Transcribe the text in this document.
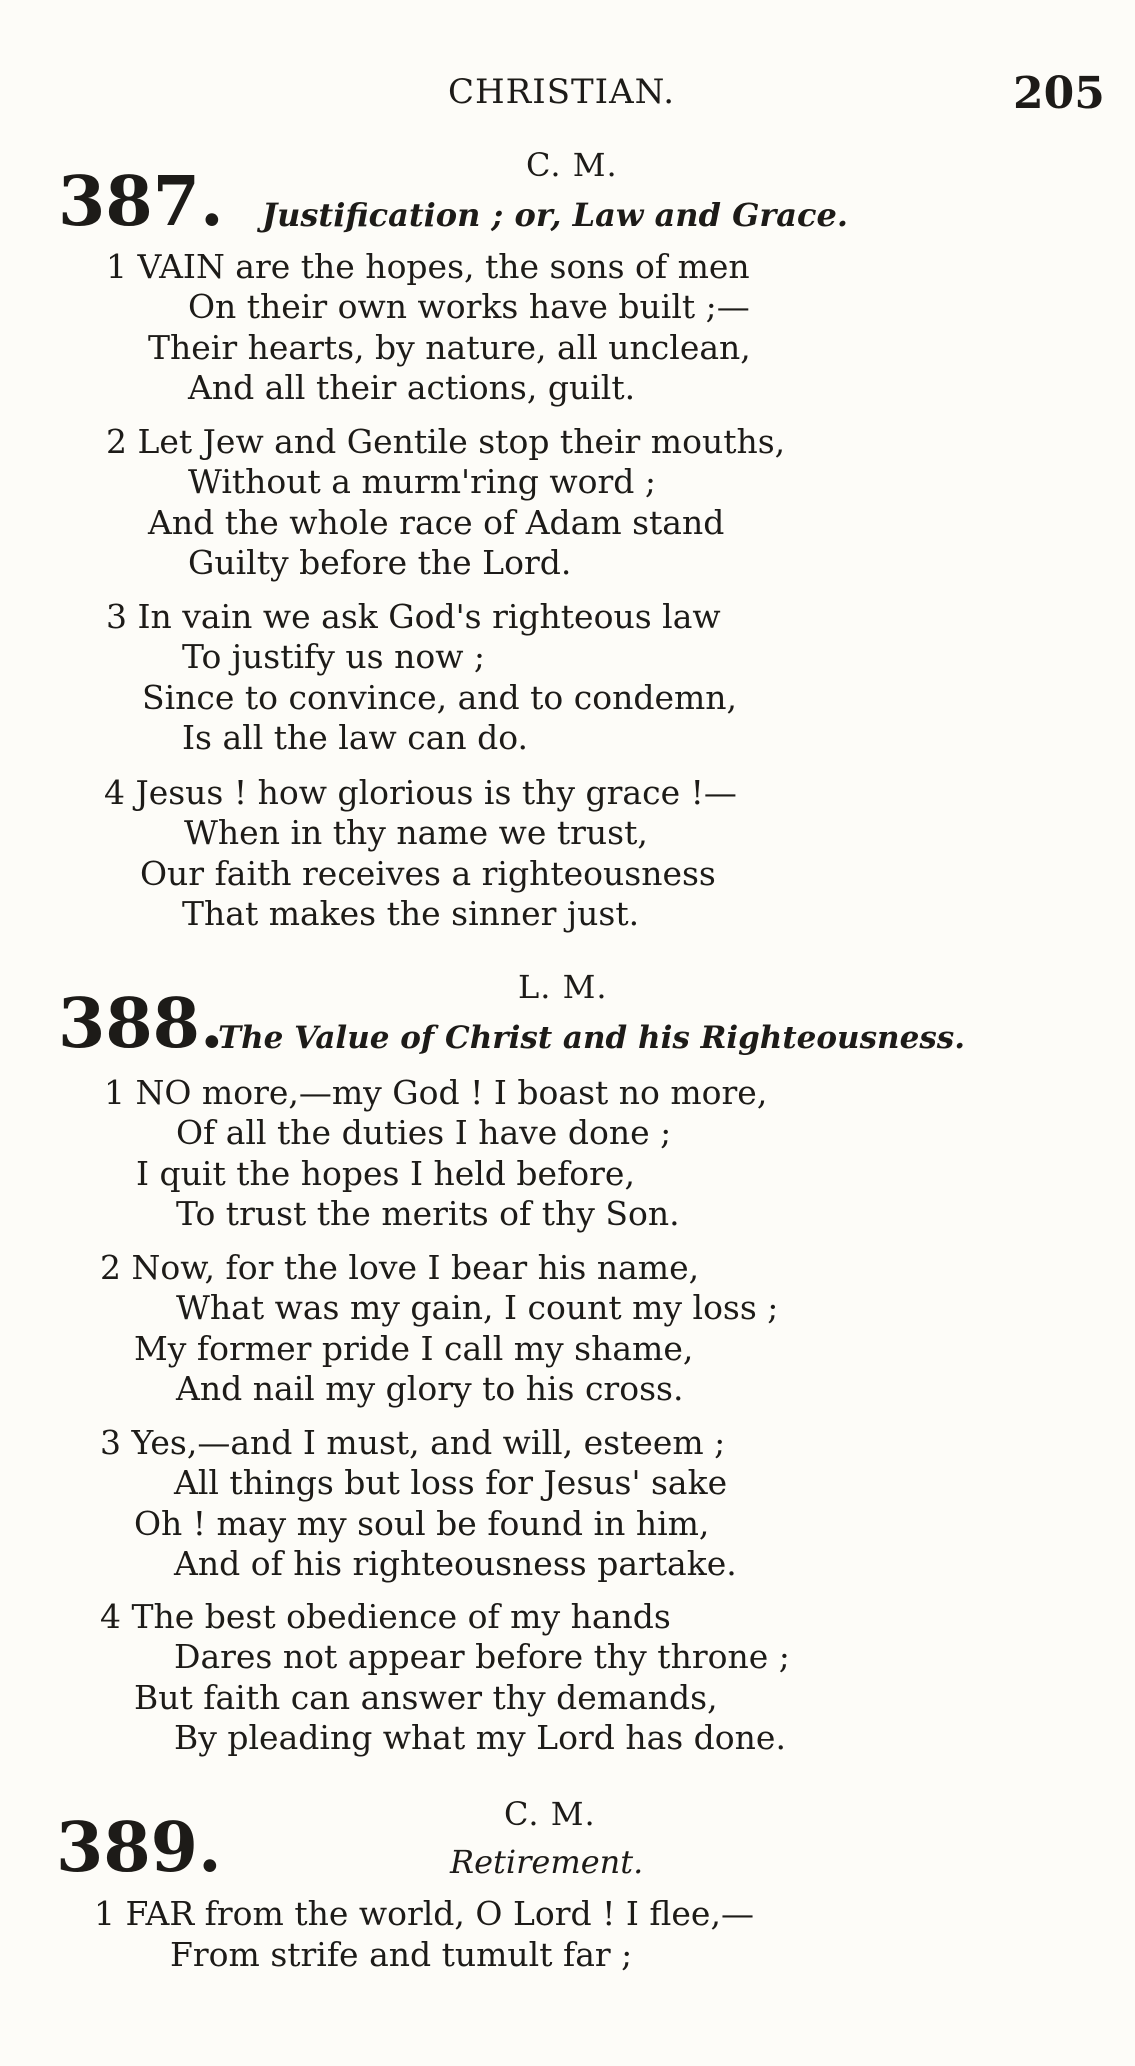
CHRISTIAN.	205
C. M.
387. Justification ; or, Law and Grace.
1 VAIN are the hopes, the sons of men
On their own works have built ;—
Their hearts, by nature, all unclean,
And all their actions, guilt.
2 Let Jew and Gentile stop their mouths,
Without a murm'ring word ;
And the whole race of Adam stand
Guilty before the Lord.
3 In vain we ask God's righteous law
To justify us now ;
Since to convince, and to condemn,
Is all the law can do.
4 Jesus ! how glorious is thy grace !—
When in thy name we trust,
Our faith receives a righteousness
That makes the sinner just.
L. M.
388.
The Value of Christ and his Righteousness.
1 NO more,—my God ! I boast no more,
Of all the duties I have done ;
I quit the hopes I held before,
To trust the merits of thy Son.
2 Now, for the love I bear his name,
What was my gain, I count my loss ;
My former pride I call my shame,
And nail my glory to his cross.
3 Yes,—and I must, and will, esteem ;
All things but loss for Jesus' sake
Oh ! may my soul be found in him,
And of his righteousness partake.
4 The best obedience of my hands
Dares not appear before thy throne ;
But faith can answer thy demands,
By pleading what my Lord has done.
C. M.
389.	Retirement.
1 FAR from the world, O Lord ! I flee,—
From strife and tumult far ;
